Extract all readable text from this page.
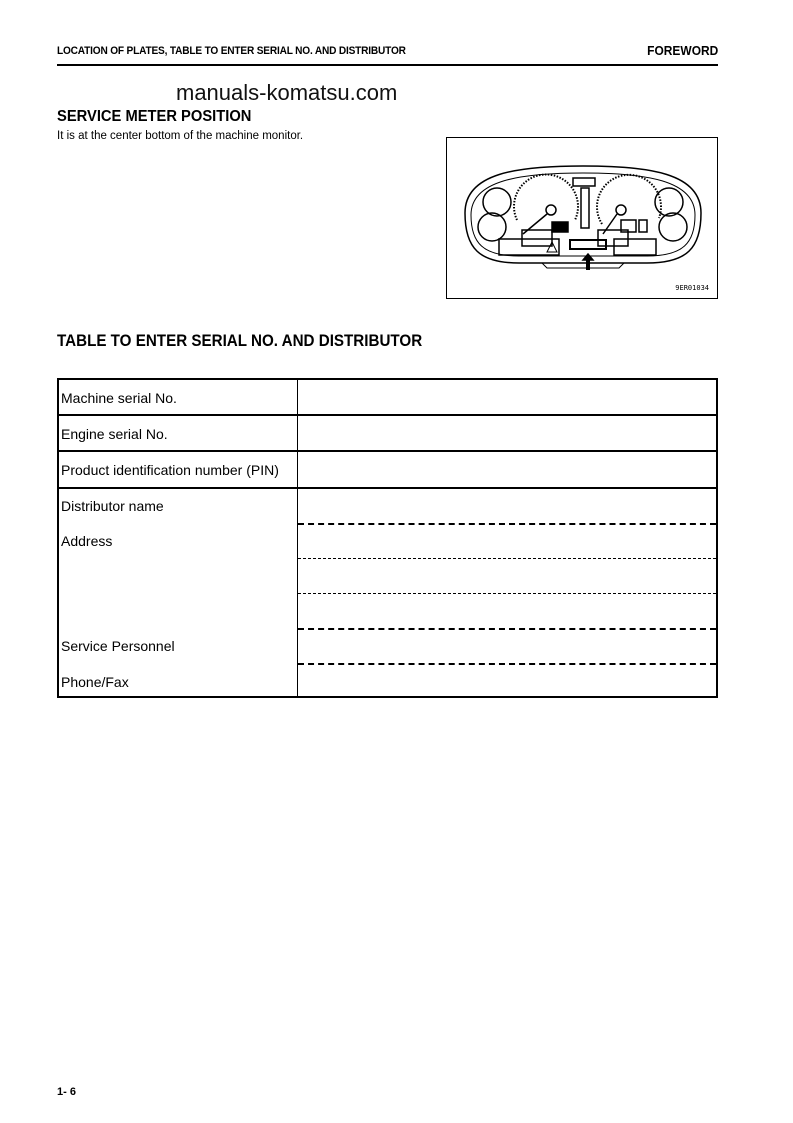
LOCATION OF PLATES, TABLE TO ENTER SERIAL NO. AND DISTRIBUTOR	FOREWORD
manuals-komatsu.com
SERVICE METER POSITION
It is at the center bottom of the machine monitor.
9ER01034
TABLE TO ENTER SERIAL NO. AND DISTRIBUTOR
Machine serial No.
Engine serial No.
Product identification number (PIN)
Distributor name
Address
Service Personnel
Phone/Fax
1- 6
